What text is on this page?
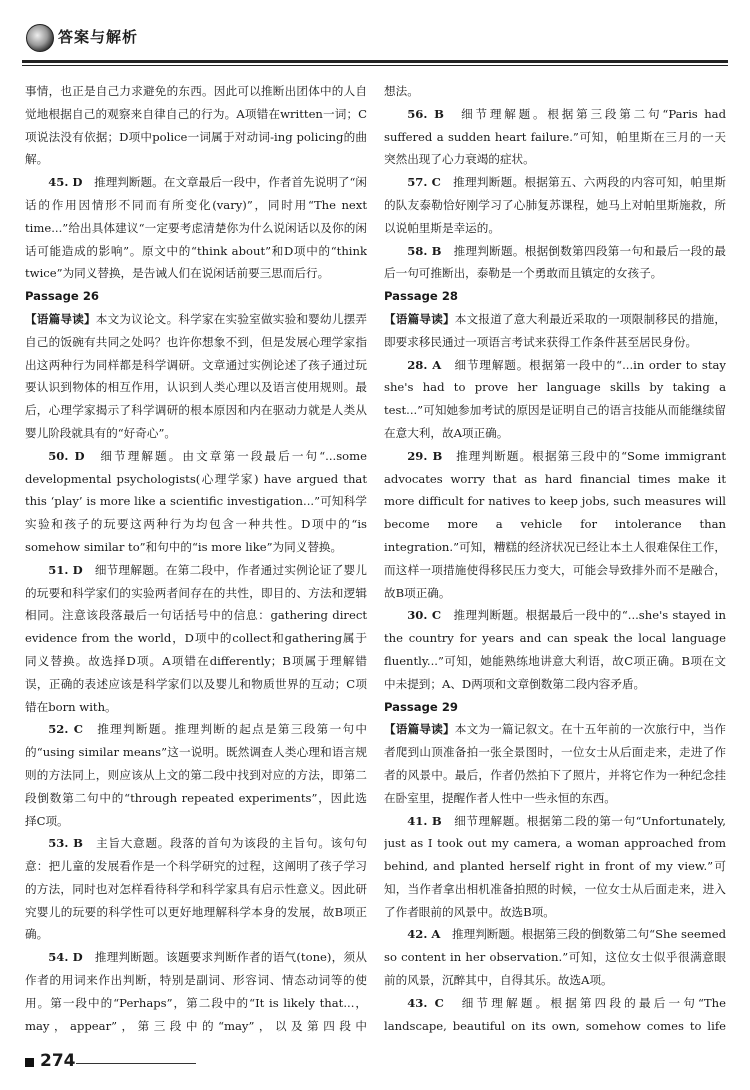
答案与解析

事情，也正是自己力求避免的东西。因此可以推断出团体中的人自觉地根据自己的观察来自律自己的行为。A项错在written一词；C项说法没有依据；D项中police一词属于对动词-ing policing的曲解。

45. D　 推理判断题。在文章最后一段中，作者首先说明了“闲话的作用因情形不同而有所变化(vary)”，同时用“The next time...”给出具体建议“一定要考虑清楚你为什么说闲话以及你的闲话可能造成的影响”。原文中的“think about”和D项中的“think twice”为同义替换，是告诫人们在说闲话前要三思而后行。

Passage 26

【语篇导读】本文为议论文。科学家在实验室做实验和婴幼儿摆弄自己的饭碗有共同之处吗？也许你想象不到，但是发展心理学家指出这两种行为同样都是科学调研。文章通过实例论述了孩子通过玩要认识到物体的相互作用，认识到人类心理以及语言使用规则。最后，心理学家揭示了科学调研的根本原因和内在驱动力就是人类从婴儿阶段就具有的“好奇心”。

50. D　 细节理解题。由文章第一段最后一句“...some developmental psychologists(心理学家) have argued that this ‘play’ is more like a scientific investigation...”可知科学实验和孩子的玩要这两种行为均包含一种共性。D项中的“is somehow similar to”和句中的“is more like”为同义替换。

51. D　 细节理解题。在第二段中，作者通过实例论证了婴儿的玩要和科学家们的实验两者间存在的共性，即目的、方法和逻辑相同。注意该段落最后一句话括号中的信息：gathering direct evidence from the world，D项中的collect和gathering属于同义替换。故选择D项。A项错在differently；B项属于理解错误，正确的表述应该是科学家们以及婴儿和物质世界的互动；C项错在born with。

52. C　 推理判断题。推理判断的起点是第三段第一句中的“using similar means”这一说明。既然调查人类心理和语言规则的方法同上，则应该从上文的第二段中找到对应的方法，即第二段倒数第二句中的“through repeated experiments”，因此选择C项。

53. B　 主旨大意题。段落的首句为该段的主旨句。该句句意：把儿童的发展看作是一个科学研究的过程，这阐明了孩子学习的方法，同时也对怎样看待科学和科学家具有启示性意义。因此研究婴儿的玩要的科学性可以更好地理解科学本身的发展，故B项正确。

54. D　 推理判断题。该题要求判断作者的语气(tone)，须从作者的用词来作出判断，特别是副词、形容词、情态动词等的使用。第一段中的“Perhaps”，第二段中的“It is likely that...，may，appear”，第三段中的“may”，以及第四段中

想法。

56. B　 细节理解题。根据第三段第二句“Paris had suffered a sudden heart failure.”可知，帕里斯在三月的一天突然出现了心力衰竭的症状。

57. C　 推理判断题。根据第五、六两段的内容可知，帕里斯的队友泰勒恰好刚学习了心肺复苏课程，她马上对帕里斯施救，所以说帕里斯是幸运的。

58. B　 推理判断题。根据倒数第四段第一句和最后一段的最后一句可推断出，泰勒是一个勇敢而且镇定的女孩子。

Passage 28

【语篇导读】本文报道了意大利最近采取的一项限制移民的措施，即要求移民通过一项语言考试来获得工作条件甚至居民身份。

28. A　 细节理解题。根据第一段中的“...in order to stay she's had to prove her language skills by taking a test...”可知她参加考试的原因是证明自己的语言技能从而能继续留在意大利，故A项正确。

29. B　 推理判断题。根据第三段中的“Some immigrant advocates worry that as hard financial times make it more difficult for natives to keep jobs, such measures will become more a vehicle for intolerance than integration.”可知，糟糕的经济状况已经让本土人很难保住工作，而这样一项措施使得移民压力变大，可能会导致排外而不是融合，故B项正确。

30. C　 推理判断题。根据最后一段中的“...she's stayed in the country for years and can speak the local language fluently...”可知，她能熟练地讲意大利语，故C项正确。B项在文中未提到；A、D两项和文章倒数第二段内容矛盾。

Passage 29

【语篇导读】本文为一篇记叙文。在十五年前的一次旅行中，当作者爬到山顶准备拍一张全景图时，一位女士从后面走来，走进了作者的风景中。最后，作者仍然拍下了照片，并将它作为一种纪念挂在卧室里，提醒作者人性中一些永恒的东西。

41. B　 细节理解题。根据第二段的第一句“Unfortunately, just as I took out my camera, a woman approached from behind, and planted herself right in front of my view.”可知，当作者拿出相机准备拍照的时候，一位女士从后面走来，进入了作者眼前的风景中。故选B项。

42. A　 推理判断题。根据第三段的倒数第二句“She seemed so content in her observation.”可知，这位女士似乎很满意眼前的风景，沉醉其中，自得其乐。故选A项。

43. C　 细节理解题。根据第四段的最后一句“The landscape, beautiful on its own, somehow comes to life

274
